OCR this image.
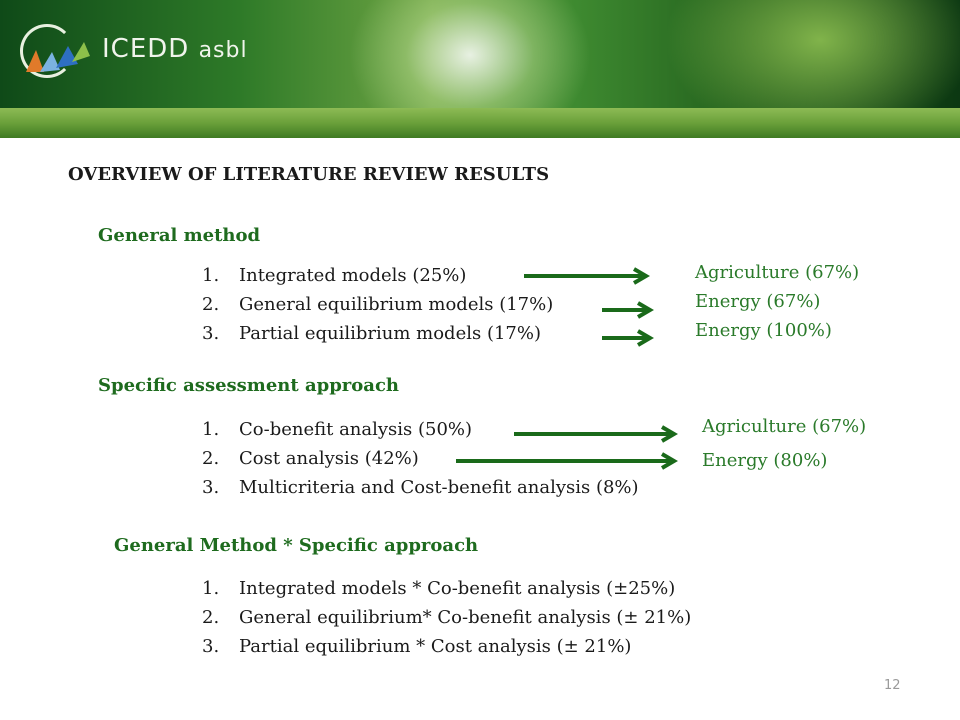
ICEDD asbl
OVERVIEW OF LITERATURE REVIEW RESULTS
General method
1. Integrated models (25%)
2. General equilibrium models (17%)
3. Partial equilibrium models (17%)
Agriculture (67%)
Energy (67%)
Energy (100%)
Specific assessment approach
1. Co-benefit analysis (50%)
2. Cost analysis (42%)
3. Multicriteria and Cost-benefit analysis (8%)
Agriculture (67%)
Energy (80%)
General Method * Specific approach
1. Integrated models * Co-benefit analysis (±25%)
2. General equilibrium* Co-benefit analysis (± 21%)
3. Partial equilibrium * Cost analysis (± 21%)
12
